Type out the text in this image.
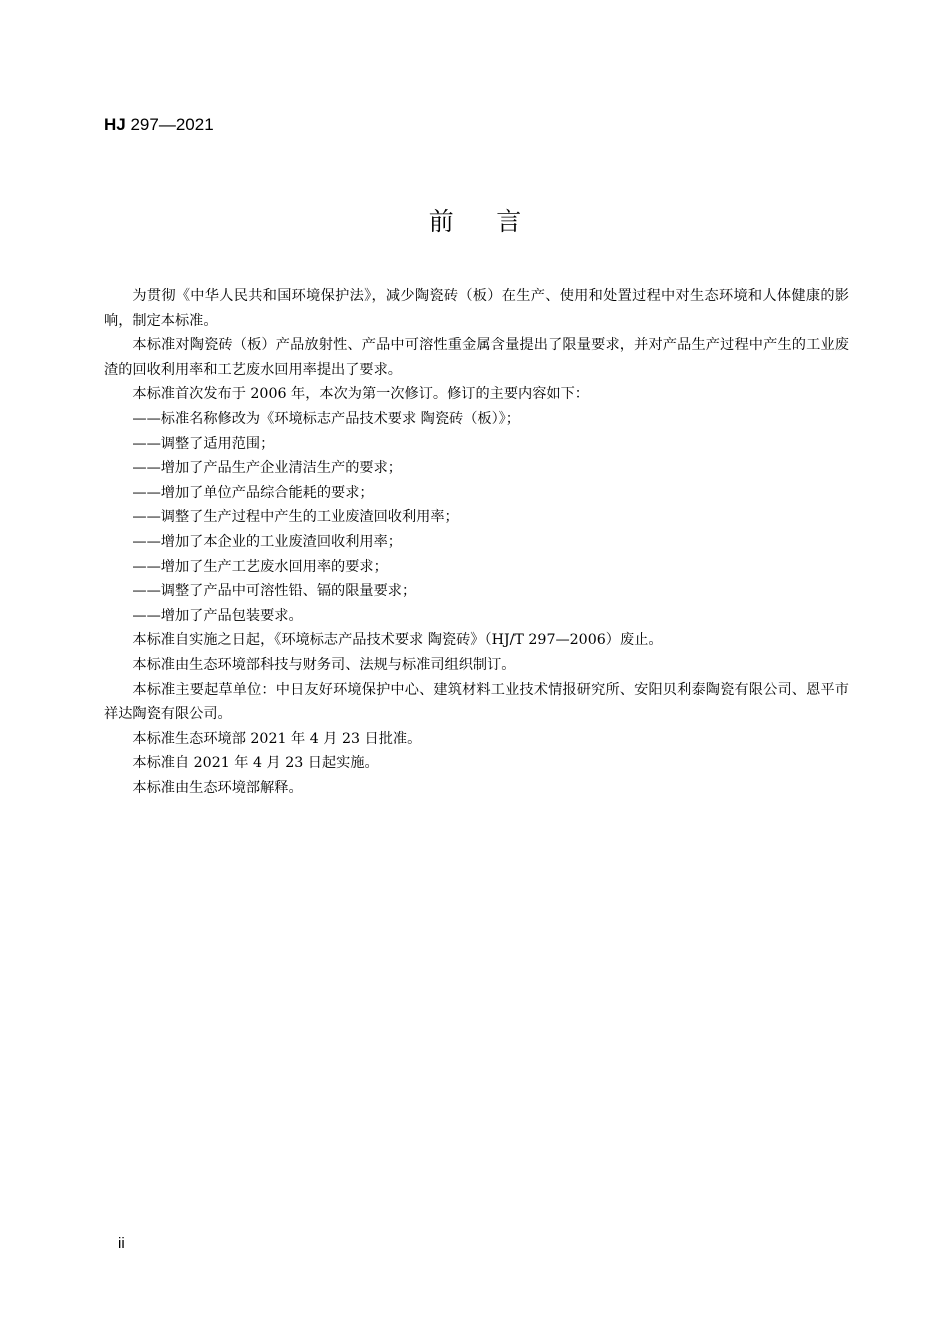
HJ 297—2021
前言

为贯彻《中华人民共和国环境保护法》，减少陶瓷砖（板）在生产、使用和处置过程中对生态环境和人体健康的影响，制定本标准。

本标准对陶瓷砖（板）产品放射性、产品中可溶性重金属含量提出了限量要求，并对产品生产过程中产生的工业废渣的回收利用率和工艺废水回用率提出了要求。

本标准首次发布于 2006 年，本次为第一次修订。修订的主要内容如下：

——标准名称修改为《环境标志产品技术要求 陶瓷砖（板）》；

——调整了适用范围；

——增加了产品生产企业清洁生产的要求；

——增加了单位产品综合能耗的要求；

——调整了生产过程中产生的工业废渣回收利用率；

——增加了本企业的工业废渣回收利用率；

——增加了生产工艺废水回用率的要求；

——调整了产品中可溶性铅、镉的限量要求；

——增加了产品包装要求。

本标准自实施之日起，《环境标志产品技术要求 陶瓷砖》（HJ/T 297—2006）废止。

本标准由生态环境部科技与财务司、法规与标准司组织制订。

本标准主要起草单位：中日友好环境保护中心、建筑材料工业技术情报研究所、安阳贝利泰陶瓷有限公司、恩平市祥达陶瓷有限公司。

本标准生态环境部 2021 年 4 月 23 日批准。

本标准自 2021 年 4 月 23 日起实施。

本标准由生态环境部解释。

ii
